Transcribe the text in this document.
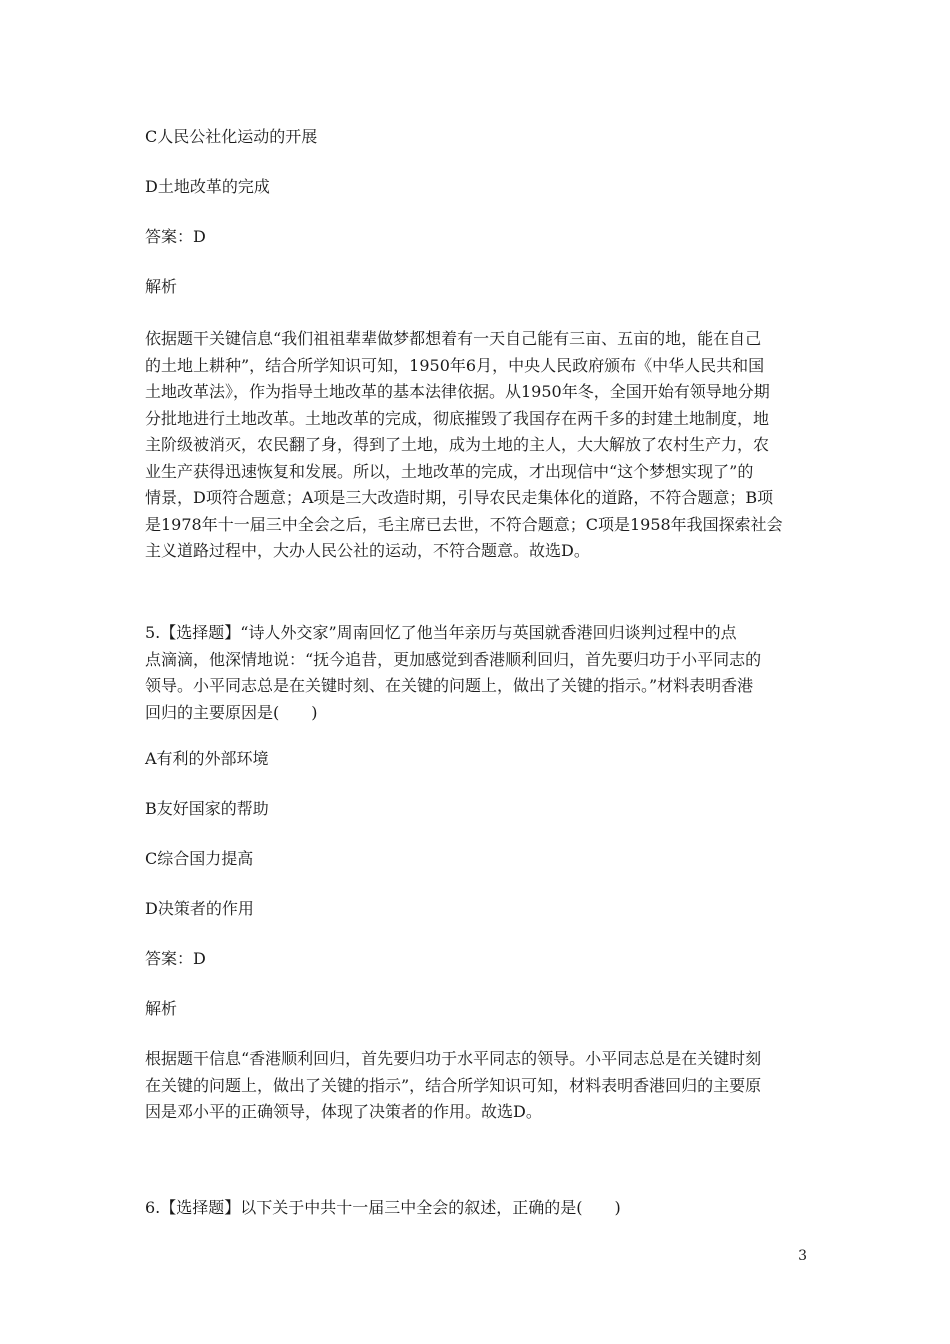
C人民公社化运动的开展

D土地改革的完成

答案：D

解析

依据题干关键信息“我们祖祖辈辈做梦都想着有一天自己能有三亩、五亩的地，能在自己
的土地上耕种”，结合所学知识可知，1950年6月，中央人民政府颁布《中华人民共和国
土地改革法》，作为指导土地改革的基本法律依据。从1950年冬，全国开始有领导地分期
分批地进行土地改革。土地改革的完成，彻底摧毁了我国存在两千多的封建土地制度，地
主阶级被消灭，农民翻了身，得到了土地，成为土地的主人，大大解放了农村生产力，农
业生产获得迅速恢复和发展。所以，土地改革的完成，才出现信中“这个梦想实现了”的
情景，D项符合题意；A项是三大改造时期，引导农民走集体化的道路，不符合题意；B项
是1978年十一届三中全会之后，毛主席已去世，不符合题意；C项是1958年我国探索社会
主义道路过程中，大办人民公社的运动，不符合题意。故选D。
5.【选择题】“诗人外交家”周南回忆了他当年亲历与英国就香港回归谈判过程中的点
点滴滴，他深情地说：“抚今追昔，更加感觉到香港顺利回归，首先要归功于小平同志的
领导。小平同志总是在关键时刻、在关键的问题上，做出了关键的指示。”材料表明香港
回归的主要原因是(　　)

A有利的外部环境

B友好国家的帮助

C综合国力提高

D决策者的作用

答案：D

解析

根据题干信息“香港顺利回归，首先要归功于水平同志的领导。小平同志总是在关键时刻
在关键的问题上，做出了关键的指示”，结合所学知识可知，材料表明香港回归的主要原
因是邓小平的正确领导，体现了决策者的作用。故选D。

6.【选择题】以下关于中共十一届三中全会的叙述，正确的是(　　)

3
